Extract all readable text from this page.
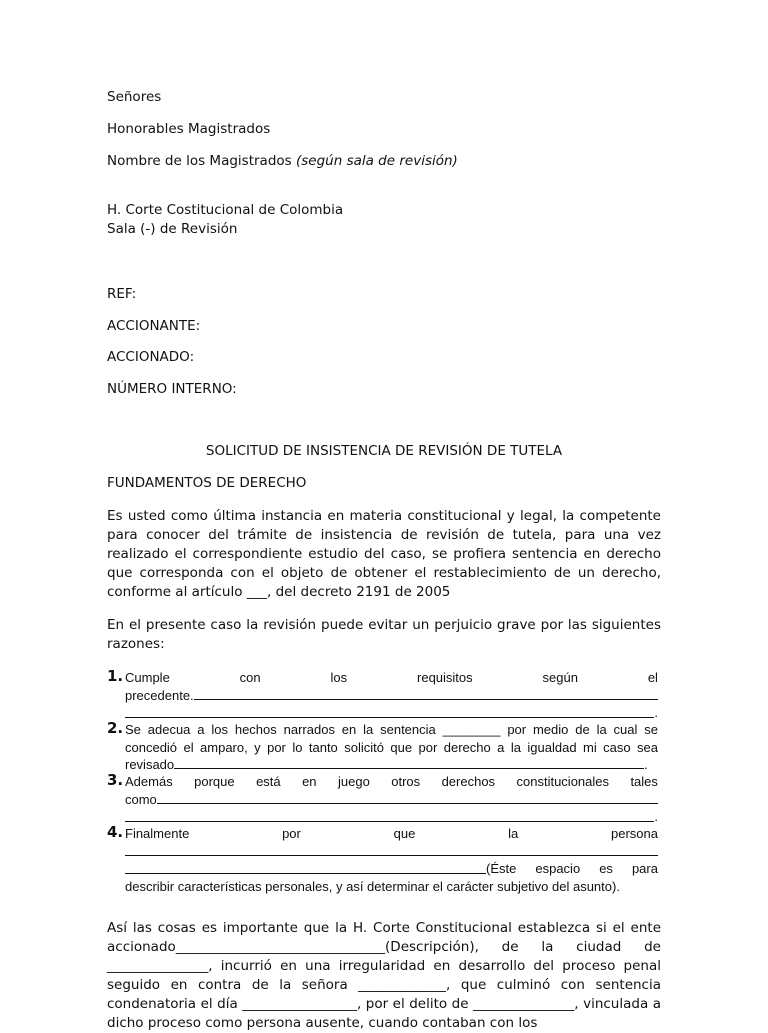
Señores
Honorables Magistrados
Nombre de los Magistrados (según sala de revisión)
H. Corte Costitucional de Colombia
Sala (-) de Revisión
REF:
ACCIONANTE:
ACCIONADO:
NÚMERO INTERNO:
SOLICITUD DE INSISTENCIA DE REVISIÓN DE TUTELA
FUNDAMENTOS DE DERECHO
Es usted como última instancia en materia constitucional y legal, la competente para conocer del trámite de insistencia de revisión de tutela, para una vez realizado el correspondiente estudio del caso, se profiera sentencia en derecho que corresponda con el objeto de obtener el restablecimiento de un derecho, conforme al artículo ___, del decreto 2191 de 2005
En el presente caso la revisión puede evitar un perjuicio grave por las siguientes razones:
1. Cumple	con	los	requisitos	según	el
precedente.
.
2. Se adecua a los hechos narrados en la sentencia ________ por medio de la cual se concedió el amparo, y por lo tanto solicitó que por derecho a la igualdad mi caso sea revisado	.
3. Además porque está en juego otros derechos constitucionales tales
como
.
4. Finalmente	por	que	la	persona
(Éste espacio es para
describir características personales, y así determinar el carácter subjetivo del asunto).
Así las cosas es importante que la H. Corte Constitucional establezca si el ente accionado_______________________________(Descripción), de la ciudad de _______________, incurrió en una irregularidad en desarrollo del proceso penal seguido en contra de la señora _____________, que culminó con sentencia condenatoria el día _________________, por el delito de _______________, vinculada a dicho proceso como persona ausente, cuando contaban con los
